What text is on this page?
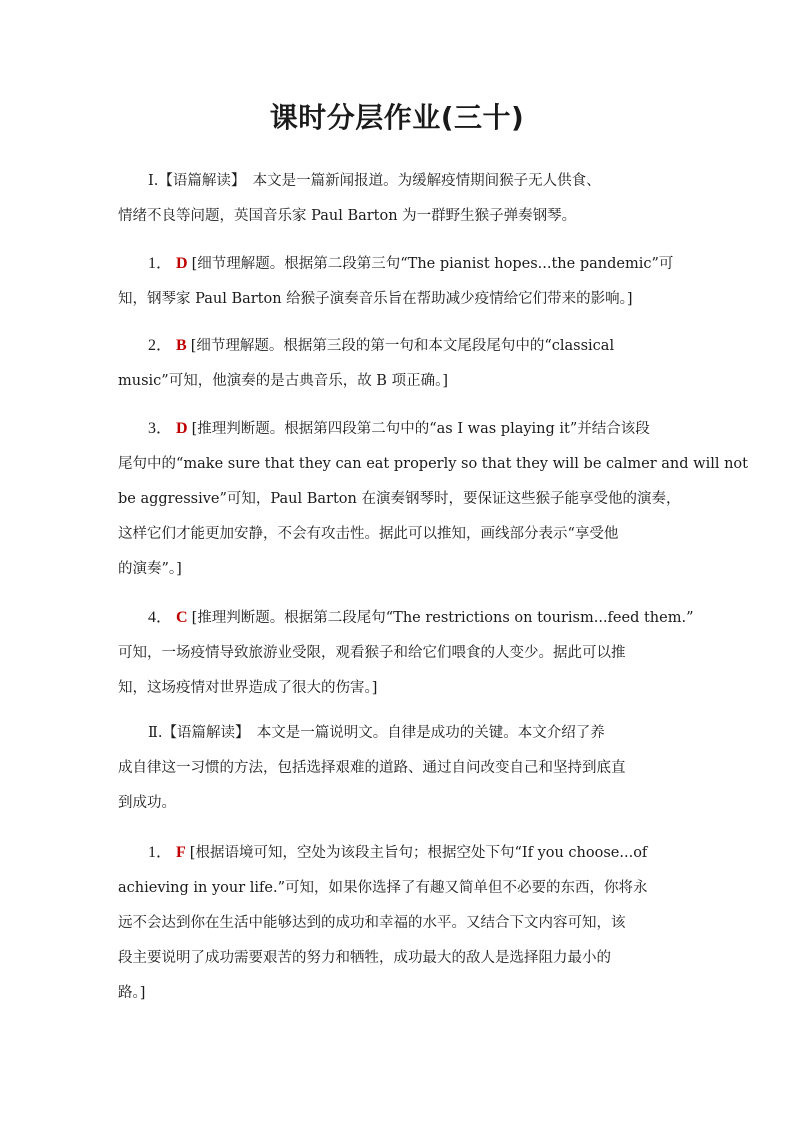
课时分层作业(三十)
Ⅰ.【语篇解读】　本文是一篇新闻报道。为缓解疫情期间猴子无人供食、
情绪不良等问题，英国音乐家 Paul Barton 为一群野生猴子弹奏钢琴。
1． D [细节理解题。根据第二段第三句“The pianist hopes...the pandemic”可
知，钢琴家 Paul Barton 给猴子演奏音乐旨在帮助减少疫情给它们带来的影响。]
2． B [细节理解题。根据第三段的第一句和本文尾段尾句中的“classical
music”可知，他演奏的是古典音乐，故 B 项正确。]
3． D [推理判断题。根据第四段第二句中的“as I was playing it”并结合该段
尾句中的“make sure that they can eat properly so that they will be calmer and will not
be aggressive”可知，Paul Barton 在演奏钢琴时，要保证这些猴子能享受他的演奏，
这样它们才能更加安静，不会有攻击性。据此可以推知，画线部分表示“享受他
的演奏”。]
4． C [推理判断题。根据第二段尾句“The restrictions on tourism...feed them.”
可知，一场疫情导致旅游业受限，观看猴子和给它们喂食的人变少。据此可以推
知，这场疫情对世界造成了很大的伤害。]
Ⅱ.【语篇解读】　本文是一篇说明文。自律是成功的关键。本文介绍了养
成自律这一习惯的方法，包括选择艰难的道路、通过自问改变自己和坚持到底直
到成功。
1． F [根据语境可知，空处为该段主旨句；根据空处下句“If you choose...of
achieving in your life.”可知，如果你选择了有趣又简单但不必要的东西，你将永
远不会达到你在生活中能够达到的成功和幸福的水平。又结合下文内容可知，该
段主要说明了成功需要艰苦的努力和牺牲，成功最大的敌人是选择阻力最小的
路。]
